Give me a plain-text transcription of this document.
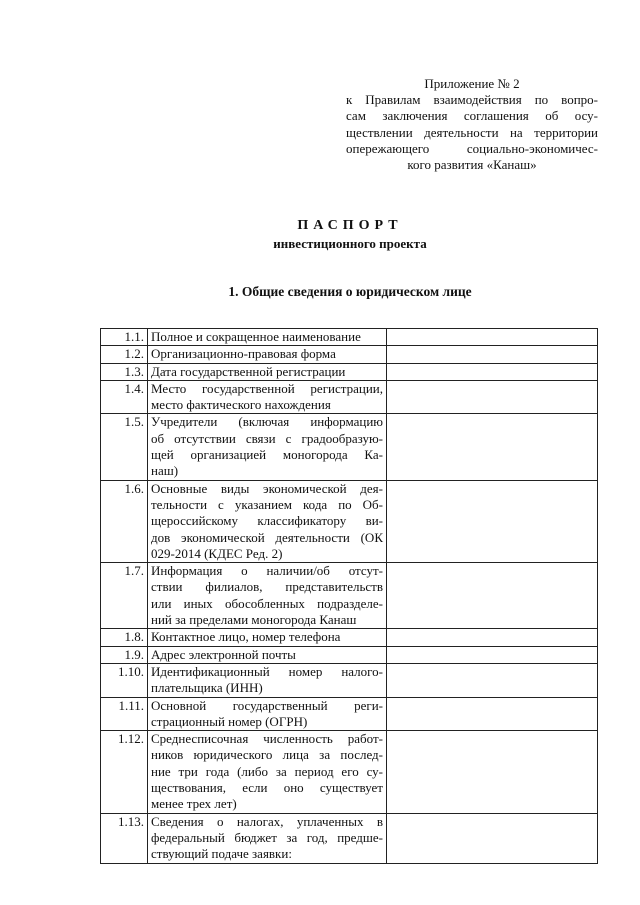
Приложение № 2
к Правилам взаимодействия по вопро-
сам заключения соглашения об осу-
ществлении деятельности на территории
опережающего социально-экономичес-
кого развития «Канаш»
ПАСПОРТ
инвестиционного проекта
1. Общие сведения о юридическом лице
1.1.	Полное и сокращенное наименование	

1.2.	Организационно-правовая форма	

1.3.	Дата государственной регистрации	

1.4.	Место государственной регистрации,
место фактического нахождения	

1.5.	Учредители (включая информацию
об отсутствии связи с градообразую-
щей организацией моногорода Ка-
наш)	

1.6.	Основные виды экономической дея-
тельности с указанием кода по Об-
щероссийскому классификатору ви-
дов экономической деятельности (ОК
029-2014 (КДЕС Ред. 2)	

1.7.	Информация о наличии/об отсут-
ствии филиалов, представительств
или иных обособленных подразделе-
ний за пределами моногорода Канаш	

1.8.	Контактное лицо, номер телефона	

1.9.	Адрес электронной почты	

1.10.	Идентификационный номер налого-
плательщика (ИНН)	

1.11.	Основной государственный реги-
страционный номер (ОГРН)	

1.12.	Среднесписочная численность работ-
ников юридического лица за послед-
ние три года (либо за период его су-
ществования, если оно существует
менее трех лет)	

1.13.	Сведения о налогах, уплаченных в
федеральный бюджет за год, предше-
ствующий подаче заявки:	
